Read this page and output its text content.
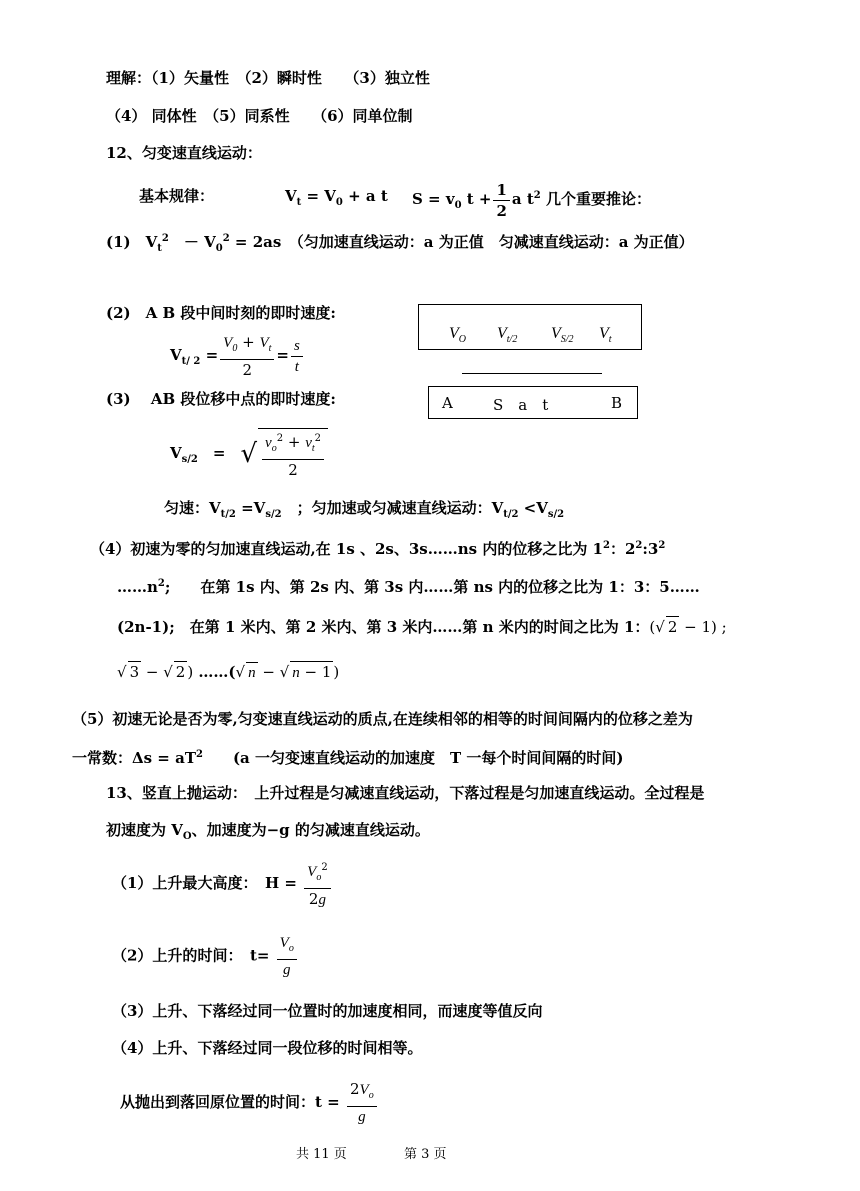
理解：（1）矢量性　（2）瞬时性　　（3）独立性
（4） 同体性　（5）同系性　　（6）同单位制
12、匀变速直线运动：
基本规律：	$V_t = V_0 + a$ t $S = v_0$ $t + \frac{1}{2}$ a $t^2$ 几个重要推论：
(1)　$V_t^2$　－ $V_0^2 = 2as$　（匀加速直线运动：a 为正值　匀减速直线运动：a 为正值）
(2)　A B 段中间时刻的即时速度:
$V_{t/ 2} = \frac{V_0 + V_t}{2} = \frac{s}{t}$
(3)　 AB 段位移中点的即时速度:
$V_{s/2}$　=　√ $\frac{v_o^2 + v_t^2}{2}$
$V_O$ $V_{t/2}$ $V_{S/2}$ $V_t$
A	S　a　t	B
匀速：$V_{t/2} =V_{s/2}$　；匀加速或匀减速直线运动：$V_{t/2} <V_{s/2}$
（4）初速为零的匀加速直线运动,在 1s 、2s、3s……ns 内的位移之比为 $1^2$：$2^2:3^2$
$\dots\dots n^2$;　　在第 1s 内、第 2s 内、第 3s 内……第 ns 内的位移之比为 1：3：5……
(2n-1);　在第 1 米内、第 2 米内、第 3 米内……第 n 米内的时间之比为 1：(√ 2 − 1) ;
√ 3 − √ 2 ) ……(√ n − √ n − 1 )
（5）初速无论是否为零,匀变速直线运动的质点,在连续相邻的相等的时间间隔内的位移之差为
一常数：$\Delta s = aT^2$　　(a 一匀变速直线运动的加速度　T 一每个时间间隔的时间)
13、竖直上抛运动：　上升过程是匀减速直线运动，下落过程是匀加速直线运动。全过程是
初速度为 $V_O$、加速度为−g 的匀减速直线运动。
（1）上升最大高度：　$H = \frac{V_o^2}{2g}$
（2）上升的时间：　$t= \frac{V_o}{g}$
（3）上升、下落经过同一位置时的加速度相同，而速度等值反向
（4）上升、下落经过同一段位移的时间相等。
从抛出到落回原位置的时间：$t = \frac{2V_o}{g}$
共 11 页	第 3 页
